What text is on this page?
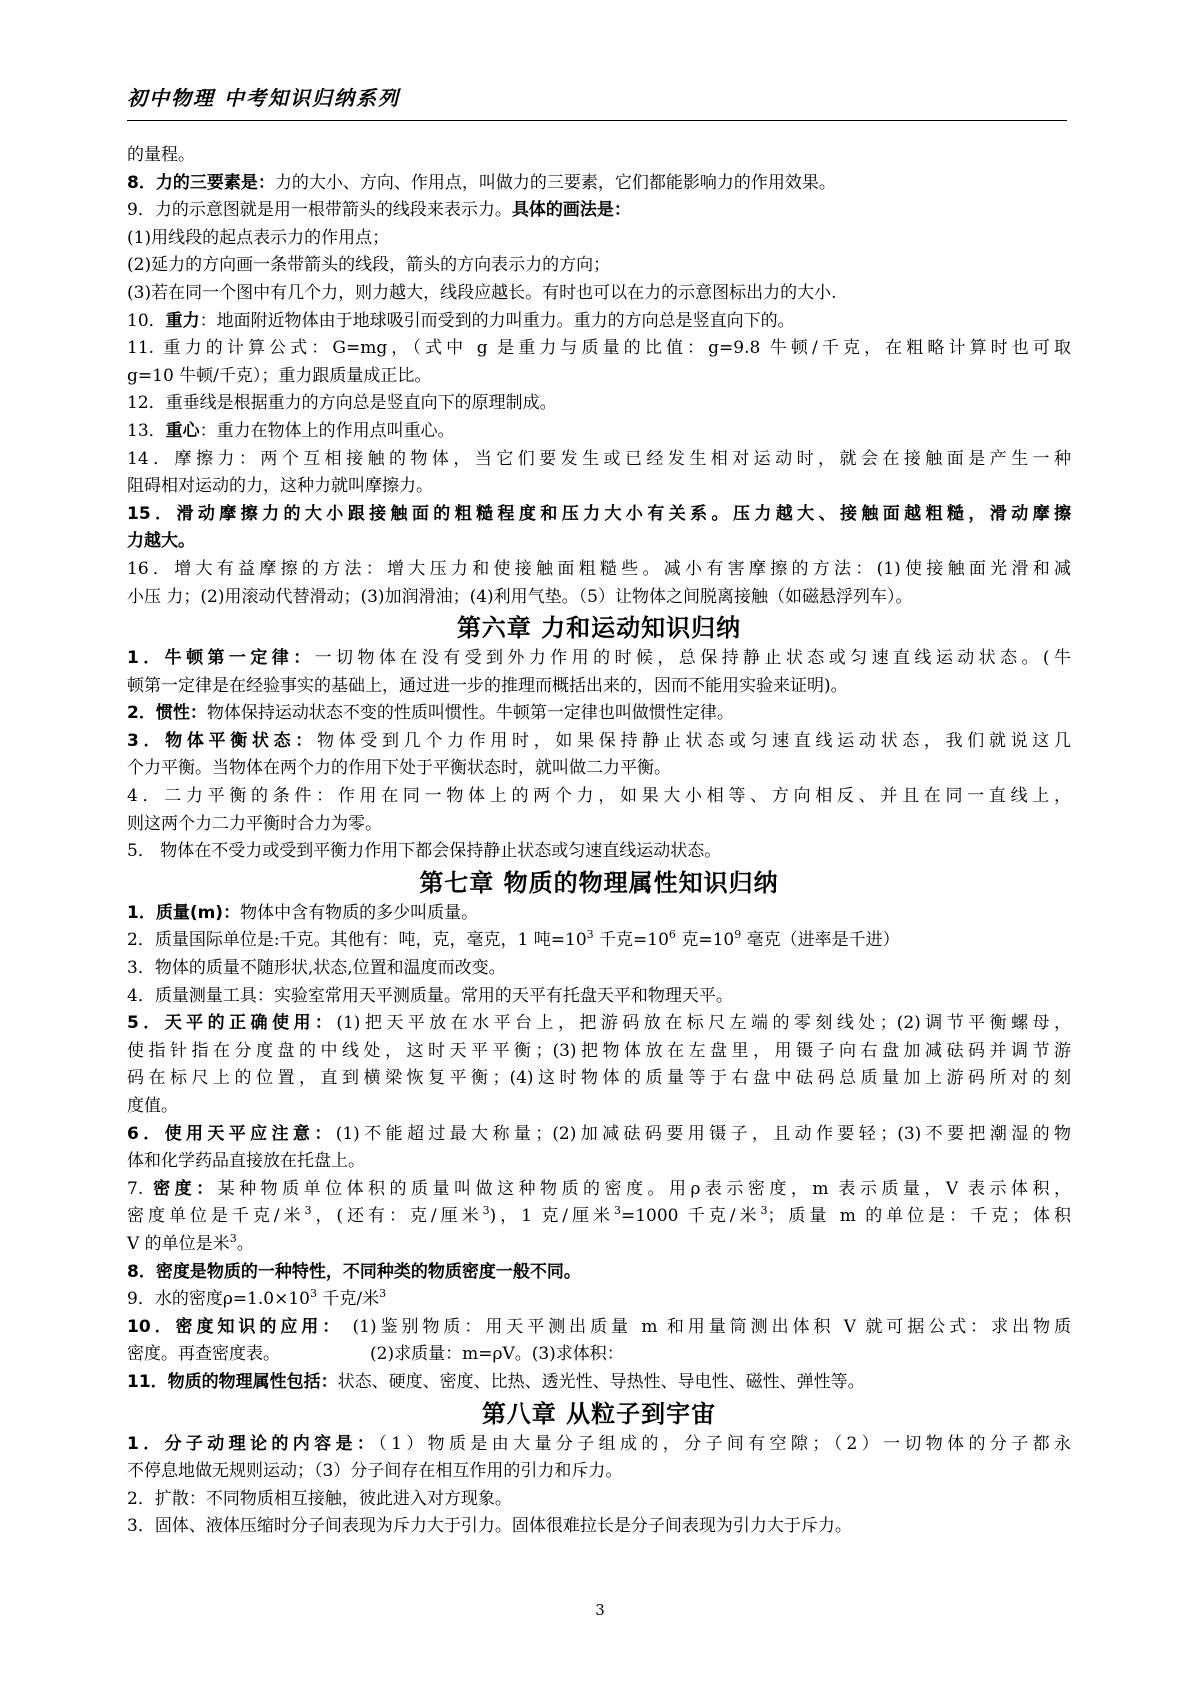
初中物理 中考知识归纳系列
的量程。
8．力的三要素是：力的大小、方向、作用点，叫做力的三要素，它们都能影响力的作用效果。
9．力的示意图就是用一根带箭头的线段来表示力。具体的画法是：
(1)用线段的起点表示力的作用点；
(2)延力的方向画一条带箭头的线段，箭头的方向表示力的方向；
(3)若在同一个图中有几个力，则力越大，线段应越长。有时也可以在力的示意图标出力的大小.
10．重力：地面附近物体由于地球吸引而受到的力叫重力。重力的方向总是竖直向下的。
11. 重力的计算公式：G=mg，（式中 g 是重力与质量的比值：g=9.8 牛顿/千克，在粗略计算时也可取
g=10 牛顿/千克）；重力跟质量成正比。
12．重垂线是根据重力的方向总是竖直向下的原理制成。
13．重心：重力在物体上的作用点叫重心。
14．摩擦力：两个互相接触的物体，当它们要发生或已经发生相对运动时，就会在接触面是产生一种
阻碍相对运动的力，这种力就叫摩擦力。
15．滑动摩擦力的大小跟接触面的粗糙程度和压力大小有关系。压力越大、接触面越粗糙，滑动摩擦
力越大。
16．增大有益摩擦的方法：增大压力和使接触面粗糙些。减小有害摩擦的方法：(1)使接触面光滑和减
小压 力；(2)用滚动代替滑动；(3)加润滑油；(4)利用气垫。（5）让物体之间脱离接触（如磁悬浮列车）。
第六章 力和运动知识归纳
1．牛顿第一定律：一切物体在没有受到外力作用的时候，总保持静止状态或匀速直线运动状态。(牛
顿第一定律是在经验事实的基础上，通过进一步的推理而概括出来的，因而不能用实验来证明)。
2．惯性：物体保持运动状态不变的性质叫惯性。牛顿第一定律也叫做惯性定律。
3．物体平衡状态：物体受到几个力作用时，如果保持静止状态或匀速直线运动状态，我们就说这几
个力平衡。当物体在两个力的作用下处于平衡状态时，就叫做二力平衡。
4．二力平衡的条件：作用在同一物体上的两个力，如果大小相等、方向相反、并且在同一直线上，
则这两个力二力平衡时合力为零。
5． 物体在不受力或受到平衡力作用下都会保持静止状态或匀速直线运动状态。
第七章 物质的物理属性知识归纳
1．质量(m)：物体中含有物质的多少叫质量。
2．质量国际单位是:千克。其他有：吨，克，毫克，1 吨$=10^3$ 千克$=10^6$ 克$=10^9$ 毫克（进率是千进）
3．物体的质量不随形状,状态,位置和温度而改变。
4．质量测量工具：实验室常用天平测质量。常用的天平有托盘天平和物理天平。
5．天平的正确使用：(1)把天平放在水平台上，把游码放在标尺左端的零刻线处；(2)调节平衡螺母，
使指针指在分度盘的中线处，这时天平平衡；(3)把物体放在左盘里，用镊子向右盘加减砝码并调节游
码在标尺上的位置，直到横梁恢复平衡；(4)这时物体的质量等于右盘中砝码总质量加上游码所对的刻
度值。
6．使用天平应注意：(1)不能超过最大称量；(2)加减砝码要用镊子，且动作要轻；(3)不要把潮湿的物
体和化学药品直接放在托盘上。
7. 密度：某种物质单位体积的质量叫做这种物质的密度。用ρ表示密度，m 表示质量，V 表示体积，
密度单位是千克/米$^3$，(还有：克/厘米$^3$)，1 克/厘米$^3$=1000 千克/米$^3$；质量 m 的单位是：千克；体积
V 的单位是米$^3$。
8．密度是物质的一种特性，不同种类的物质密度一般不同。
9．水的密度$\rho=1.0\times 10^3$ 千克/米$^3$
10．密度知识的应用： (1)鉴别物质：用天平测出质量 m 和用量筒测出体积 V 就可据公式：求出物质
密度。再查密度表。	(2)求质量：m=ρV。(3)求体积：
11．物质的物理属性包括：状态、硬度、密度、比热、透光性、导热性、导电性、磁性、弹性等。
第八章 从粒子到宇宙
1．分子动理论的内容是：（1）物质是由大量分子组成的，分子间有空隙；（2）一切物体的分子都永
不停息地做无规则运动；（3）分子间存在相互作用的引力和斥力。
2．扩散：不同物质相互接触，彼此进入对方现象。
3．固体、液体压缩时分子间表现为斥力大于引力。固体很难拉长是分子间表现为引力大于斥力。
3
